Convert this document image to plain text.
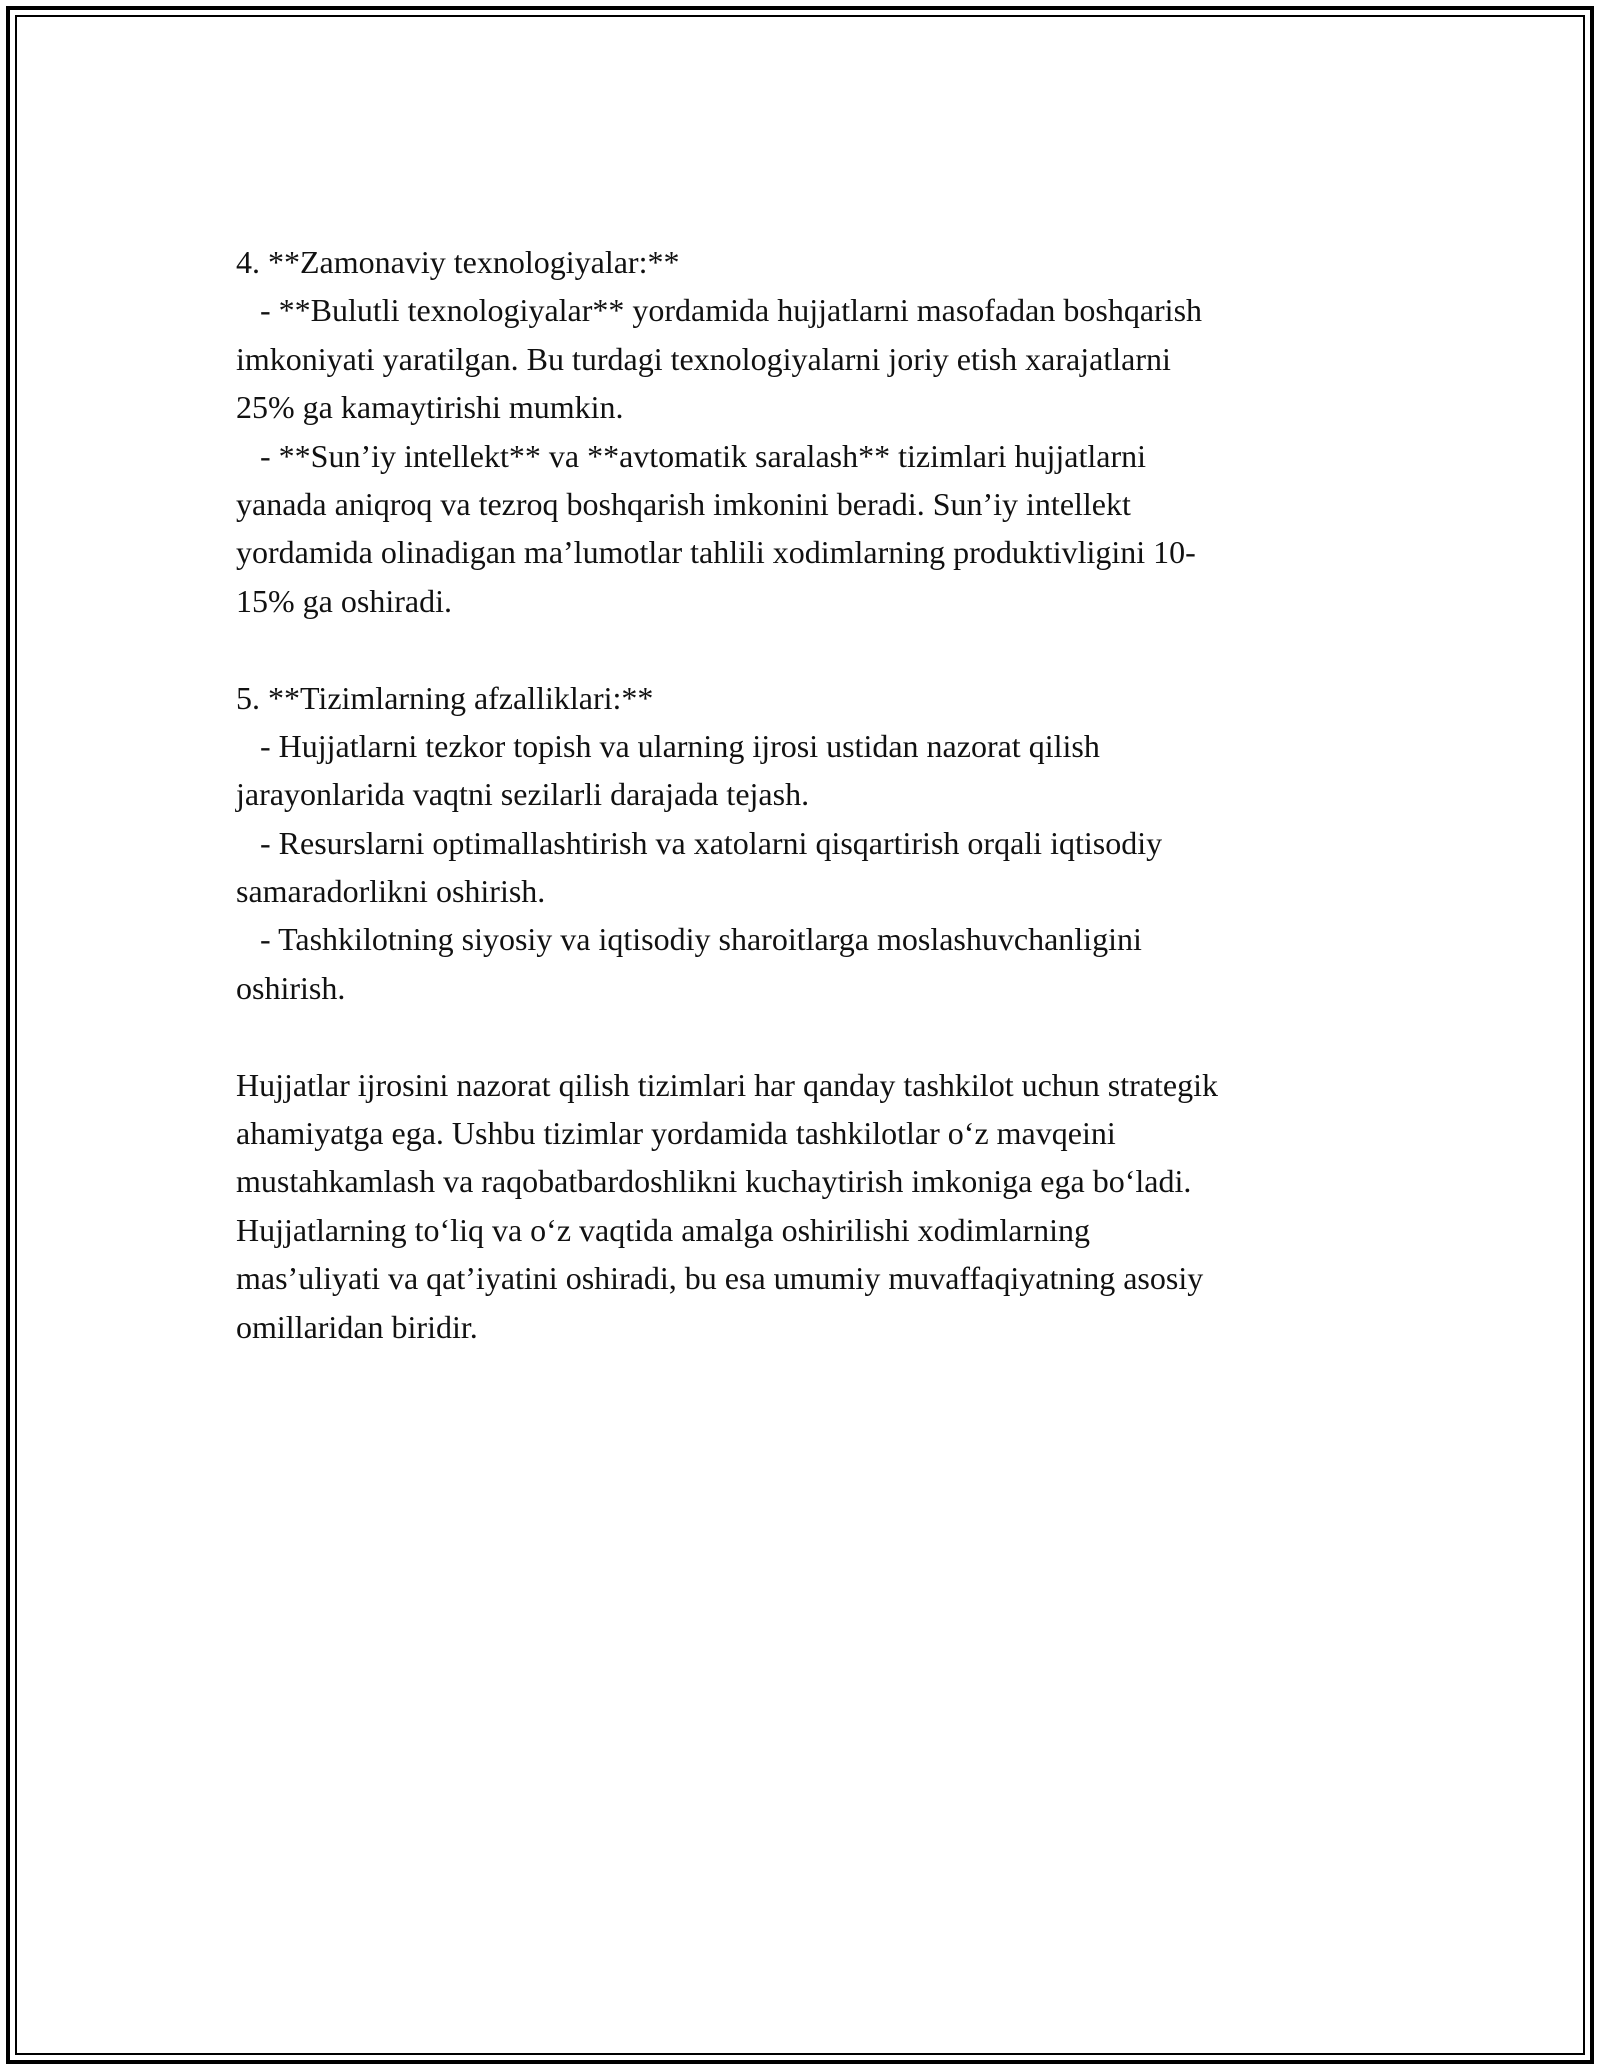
4. **Zamonaviy texnologiyalar:**
- **Bulutli texnologiyalar** yordamida hujjatlarni masofadan boshqarish
imkoniyati yaratilgan. Bu turdagi texnologiyalarni joriy etish xarajatlarni
25% ga kamaytirishi mumkin.
- **Sun’iy intellekt** va **avtomatik saralash** tizimlari hujjatlarni
yanada aniqroq va tezroq boshqarish imkonini beradi. Sun’iy intellekt
yordamida olinadigan ma’lumotlar tahlili xodimlarning produktivligini 10-
15% ga oshiradi.
5. **Tizimlarning afzalliklari:**
- Hujjatlarni tezkor topish va ularning ijrosi ustidan nazorat qilish
jarayonlarida vaqtni sezilarli darajada tejash.
- Resurslarni optimallashtirish va xatolarni qisqartirish orqali iqtisodiy
samaradorlikni oshirish.
- Tashkilotning siyosiy va iqtisodiy sharoitlarga moslashuvchanligini
oshirish.
Hujjatlar ijrosini nazorat qilish tizimlari har qanday tashkilot uchun strategik
ahamiyatga ega. Ushbu tizimlar yordamida tashkilotlar o‘z mavqeini
mustahkamlash va raqobatbardoshlikni kuchaytirish imkoniga ega bo‘ladi.
Hujjatlarning to‘liq va o‘z vaqtida amalga oshirilishi xodimlarning
mas’uliyati va qat’iyatini oshiradi, bu esa umumiy muvaffaqiyatning asosiy
omillaridan biridir.
